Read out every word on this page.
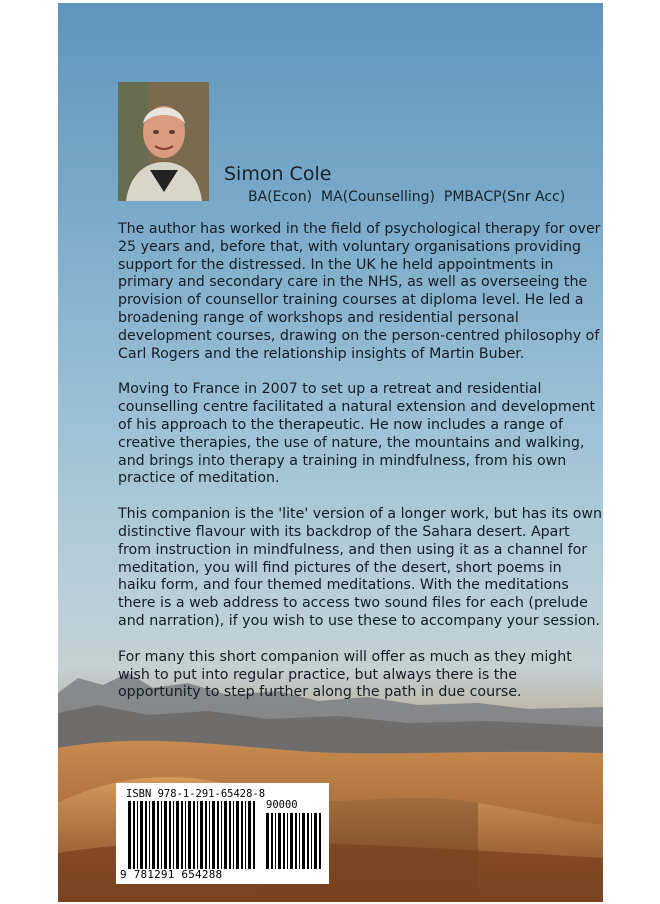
Simon Cole
BA(Econ)  MA(Counselling)  PMBACP(Snr Acc)

The author has worked in the field of psychological therapy for over 25 years and, before that, with voluntary organisations providing support for the distressed. In the UK he held appointments in primary and secondary care in the NHS, as well as overseeing the provision of counsellor training courses at diploma level. He led a broadening range of workshops and residential personal development courses, drawing on the person-centred philosophy of Carl Rogers and the relationship insights of Martin Buber.

Moving to France in 2007 to set up a retreat and residential counselling centre facilitated a natural extension and development of his approach to the therapeutic. He now includes a range of creative therapies, the use of nature, the mountains and walking, and brings into therapy a training in mindfulness, from his own practice of meditation.

This companion is the 'lite' version of a longer work, but has its own distinctive flavour with its backdrop of the Sahara desert. Apart from instruction in mindfulness, and then using it as a channel for meditation, you will find pictures of the desert, short poems in haiku form, and four themed meditations. With the meditations there is a web address to access two sound files for each (prelude and narration), if you wish to use these to accompany your session.

For many this short companion will offer as much as they might wish to put into regular practice, but always there is the opportunity to step further along the path in due course.

ISBN 978-1-291-65428-8
90000
9 781291 654288
